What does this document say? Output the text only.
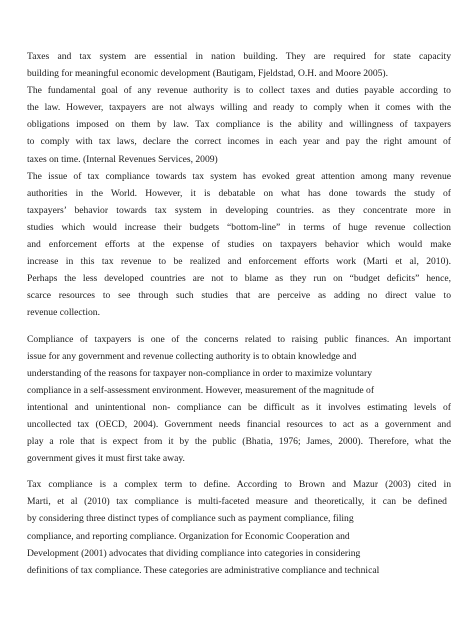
Taxes and tax system are essential in nation building. They are required for state capacity
building for meaningful economic development (Bautigam, Fjeldstad, O.H. and Moore 2005).
The fundamental goal of any revenue authority is to collect taxes and duties payable according to
the law. However, taxpayers are not always willing and ready to comply when it comes with the
obligations imposed on them by law. Tax compliance is the ability and willingness of taxpayers
to comply with tax laws, declare the correct incomes in each year and pay the right amount of
taxes on time. (Internal Revenues Services, 2009)
The issue of tax compliance towards tax system has evoked great attention among many revenue
authorities in the World. However, it is debatable on what has done towards the study of
taxpayers’ behavior towards tax system in developing countries. as they concentrate more in
studies which would increase their budgets “bottom-line” in terms of huge revenue collection
and enforcement efforts at the expense of studies on taxpayers behavior which would make
increase in this tax revenue to be realized and enforcement efforts work (Marti et al, 2010).
Perhaps the less developed countries are not to blame as they run on “budget deficits” hence,
scarce resources to see through such studies that are perceive as adding no direct value to
revenue collection.
Compliance of taxpayers is one of the concerns related to raising public finances. An important
issue for any government and revenue collecting authority is to obtain knowledge and
understanding of the reasons for taxpayer non-compliance in order to maximize voluntary
compliance in a self-assessment environment. However, measurement of the magnitude of
intentional and unintentional non- compliance can be difficult as it involves estimating levels of
uncollected tax (OECD, 2004). Government needs financial resources to act as a government and
play a role that is expect from it by the public (Bhatia, 1976; James, 2000). Therefore, what the
government gives it must first take away.
Tax compliance is a complex term to define. According to Brown and Mazur (2003) cited in
Marti, et al (2010) tax compliance is multi-faceted measure and theoretically, it can be defined
by considering three distinct types of compliance such as payment compliance, filing
compliance, and reporting compliance. Organization for Economic Cooperation and
Development (2001) advocates that dividing compliance into categories in considering
definitions of tax compliance. These categories are administrative compliance and technical
